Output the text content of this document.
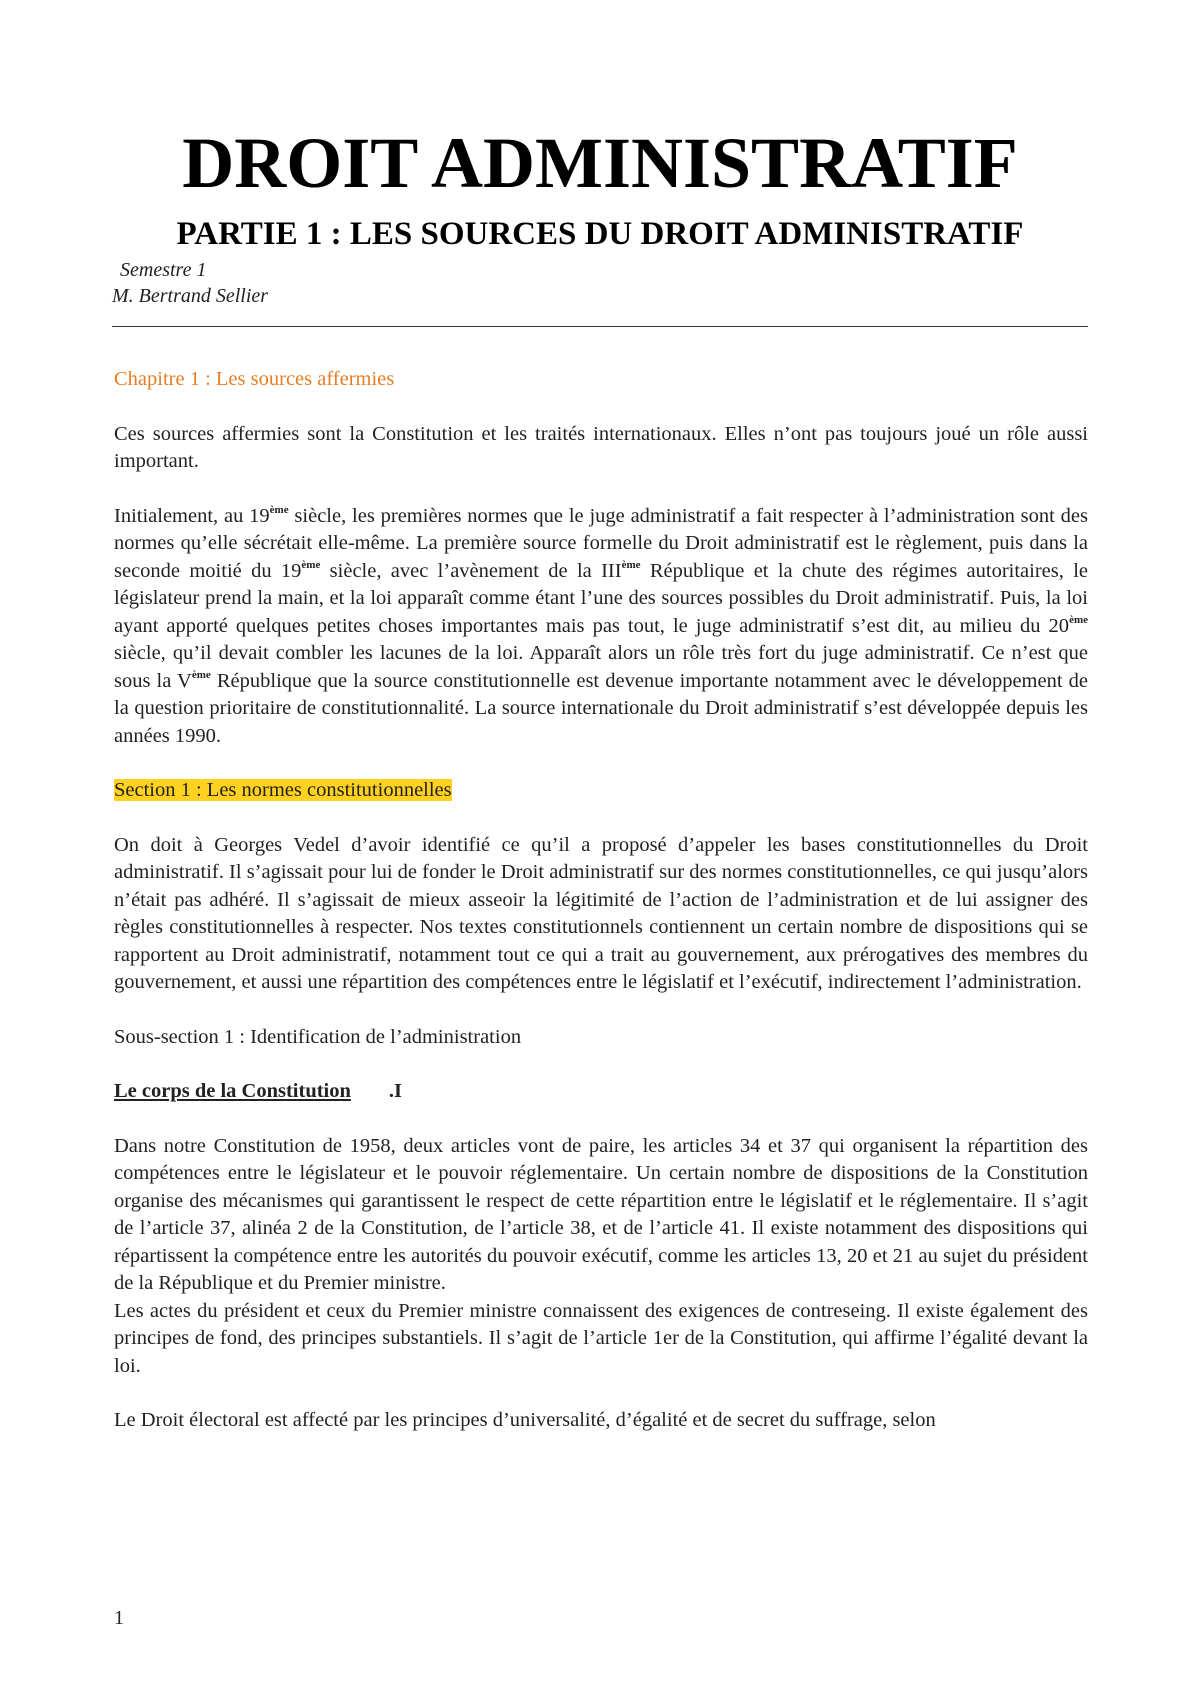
DROIT ADMINISTRATIF
PARTIE 1 : LES SOURCES DU DROIT ADMINISTRATIF

Semestre 1

M. Bertrand Sellier

Chapitre 1 : Les sources affermies

Ces sources affermies sont la Constitution et les traités internationaux. Elles n’ont pas toujours joué un rôle aussi important.

Initialement, au 19ème siècle, les premières normes que le juge administratif a fait respecter à l’administration sont des normes qu’elle sécrétait elle-même. La première source formelle du Droit administratif est le règlement, puis dans la seconde moitié du 19ème siècle, avec l’avènement de la IIIème République et la chute des régimes autoritaires, le législateur prend la main, et la loi apparaît comme étant l’une des sources possibles du Droit administratif. Puis, la loi ayant apporté quelques petites choses importantes mais pas tout, le juge administratif s’est dit, au milieu du 20ème siècle, qu’il devait combler les lacunes de la loi. Apparaît alors un rôle très fort du juge administratif. Ce n’est que sous la Vème République que la source constitutionnelle est devenue importante notamment avec le développement de la question prioritaire de constitutionnalité. La source internationale du Droit administratif s’est développée depuis les années 1990.

Section 1 : Les normes constitutionnelles

On doit à Georges Vedel d’avoir identifié ce qu’il a proposé d’appeler les bases constitutionnelles du Droit administratif. Il s’agissait pour lui de fonder le Droit administratif sur des normes constitutionnelles, ce qui jusqu’alors n’était pas adhéré. Il s’agissait de mieux asseoir la légitimité de l’action de l’administration et de lui assigner des règles constitutionnelles à respecter. Nos textes constitutionnels contiennent un certain nombre de dispositions qui se rapportent au Droit administratif, notamment tout ce qui a trait au gouvernement, aux prérogatives des membres du gouvernement, et aussi une répartition des compétences entre le législatif et l’exécutif, indirectement l’administration.

Sous-section 1 : Identification de l’administration

Le corps de la Constitution .I

Dans notre Constitution de 1958, deux articles vont de paire, les articles 34 et 37 qui organisent la répartition des compétences entre le législateur et le pouvoir réglementaire. Un certain nombre de dispositions de la Constitution organise des mécanismes qui garantissent le respect de cette répartition entre le législatif et le réglementaire. Il s’agit de l’article 37, alinéa 2 de la Constitution, de l’article 38, et de l’article 41. Il existe notamment des dispositions qui répartissent la compétence entre les autorités du pouvoir exécutif, comme les articles 13, 20 et 21 au sujet du président de la République et du Premier ministre.

Les actes du président et ceux du Premier ministre connaissent des exigences de contreseing. Il existe également des principes de fond, des principes substantiels. Il s’agit de l’article 1er de la Constitution, qui affirme l’égalité devant la loi.

Le Droit électoral est affecté par les principes d’universalité, d’égalité et de secret du suffrage, selon

1
